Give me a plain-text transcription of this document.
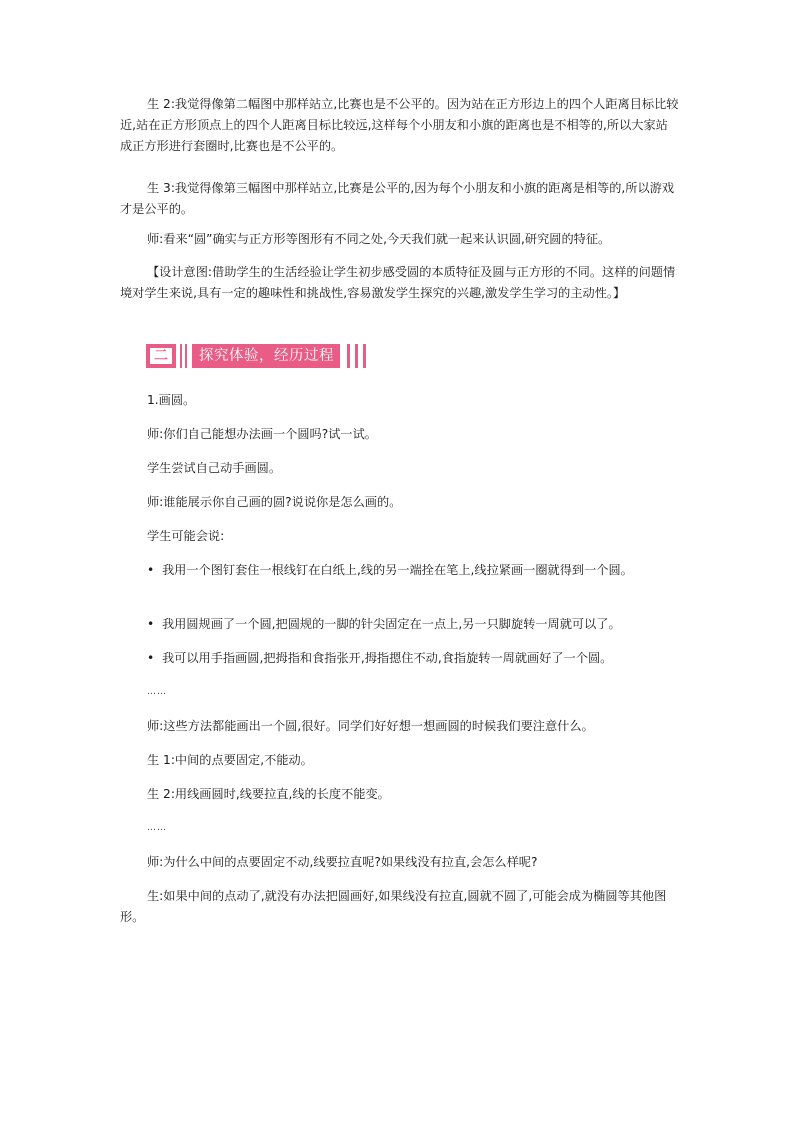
生 2:我觉得像第二幅图中那样站立,比赛也是不公平的。因为站在正方形边上的四个人距离目标比较近,站在正方形顶点上的四个人距离目标比较远,这样每个小朋友和小旗的距离也是不相等的,所以大家站成正方形进行套圈时,比赛也是不公平的。

生 3:我觉得像第三幅图中那样站立,比赛是公平的,因为每个小朋友和小旗的距离是相等的,所以游戏才是公平的。

师:看来“圆”确实与正方形等图形有不同之处,今天我们就一起来认识圆,研究圆的特征。

【设计意图:借助学生的生活经验让学生初步感受圆的本质特征及圆与正方形的不同。这样的问题情境对学生来说,具有一定的趣味性和挑战性,容易激发学生探究的兴趣,激发学生学习的主动性。】

二	探究体验，经历过程

1.画圆。

师:你们自己能想办法画一个圆吗?试一试。

学生尝试自己动手画圆。

师:谁能展示你自己画的圆?说说你是怎么画的。

学生可能会说:

• 我用一个图钉套住一根线钉在白纸上,线的另一端拴在笔上,线拉紧画一圈就得到一个圆。

• 我用圆规画了一个圆,把圆规的一脚的针尖固定在一点上,另一只脚旋转一周就可以了。

• 我可以用手指画圆,把拇指和食指张开,拇指摁住不动,食指旋转一周就画好了一个圆。

……

师:这些方法都能画出一个圆,很好。同学们好好想一想画圆的时候我们要注意什么。

生 1:中间的点要固定,不能动。

生 2:用线画圆时,线要拉直,线的长度不能变。

……

师:为什么中间的点要固定不动,线要拉直呢?如果线没有拉直,会怎么样呢?

生:如果中间的点动了,就没有办法把圆画好,如果线没有拉直,圆就不圆了,可能会成为椭圆等其他图形。
